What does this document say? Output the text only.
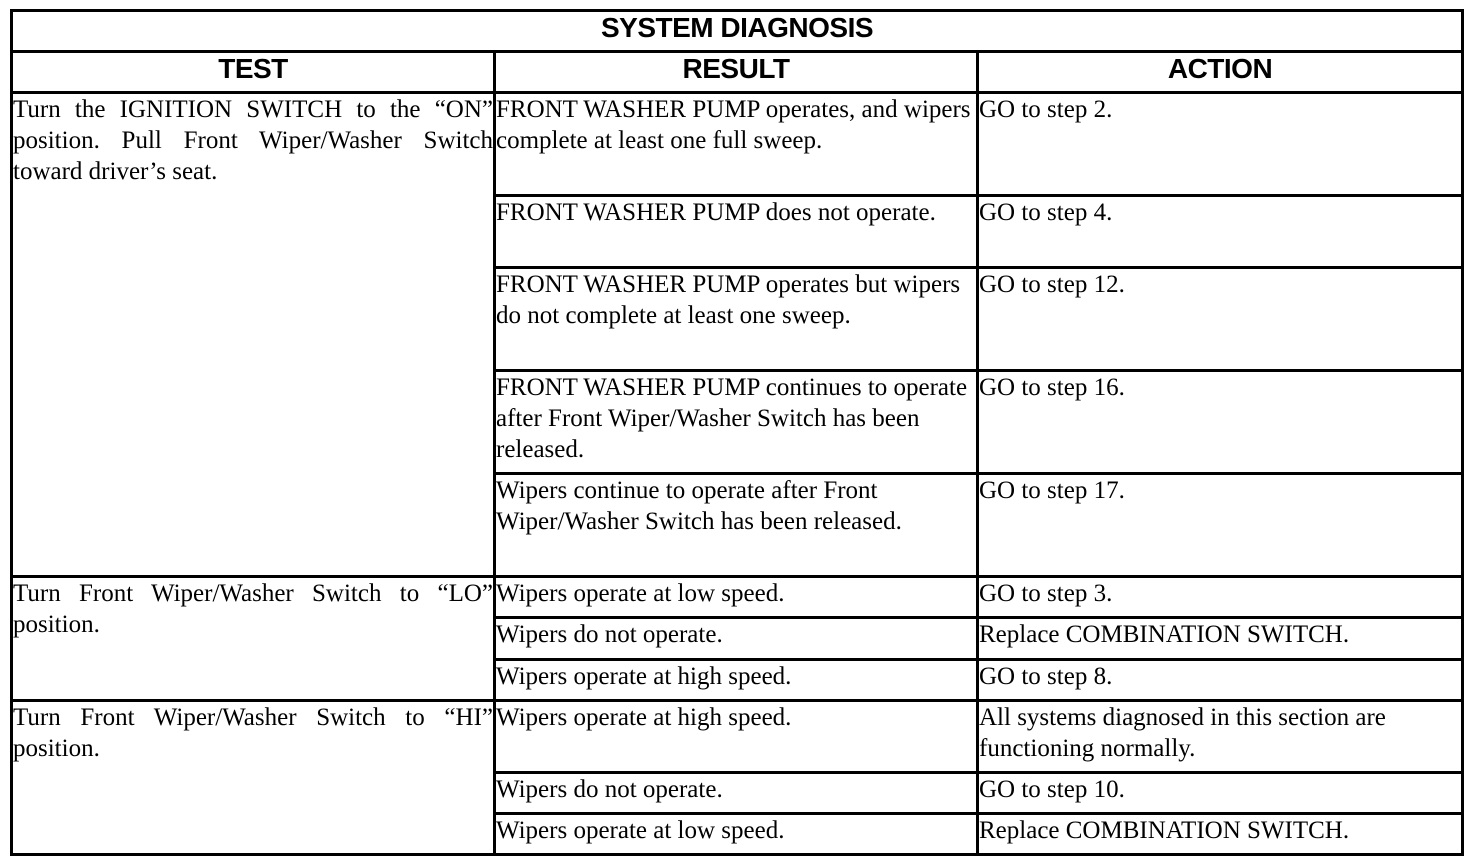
SYSTEM DIAGNOSIS		
TEST	RESULT	ACTION
Turn the IGNITION SWITCH to the “ON” position. Pull Front Wiper/Washer Switch toward driver’s seat.	FRONT WASHER PUMP operates, and wipers complete at least one full sweep.	GO to step 2.
	FRONT WASHER PUMP does not operate.	GO to step 4.
	FRONT WASHER PUMP operates but wipers do not complete at least one sweep.	GO to step 12.
	FRONT WASHER PUMP continues to operate after Front Wiper/Washer Switch has been released.	GO to step 16.
	Wipers continue to operate after Front Wiper/Washer Switch has been released.	GO to step 17.
Turn Front Wiper/Washer Switch to “LO” position.	Wipers operate at low speed.	GO to step 3.
	Wipers do not operate.	Replace COMBINATION SWITCH.
	Wipers operate at high speed.	GO to step 8.
Turn Front Wiper/Washer Switch to “HI” position.	Wipers operate at high speed.	All systems diagnosed in this section are functioning normally.
	Wipers do not operate.	GO to step 10.
	Wipers operate at low speed.	Replace COMBINATION SWITCH.
